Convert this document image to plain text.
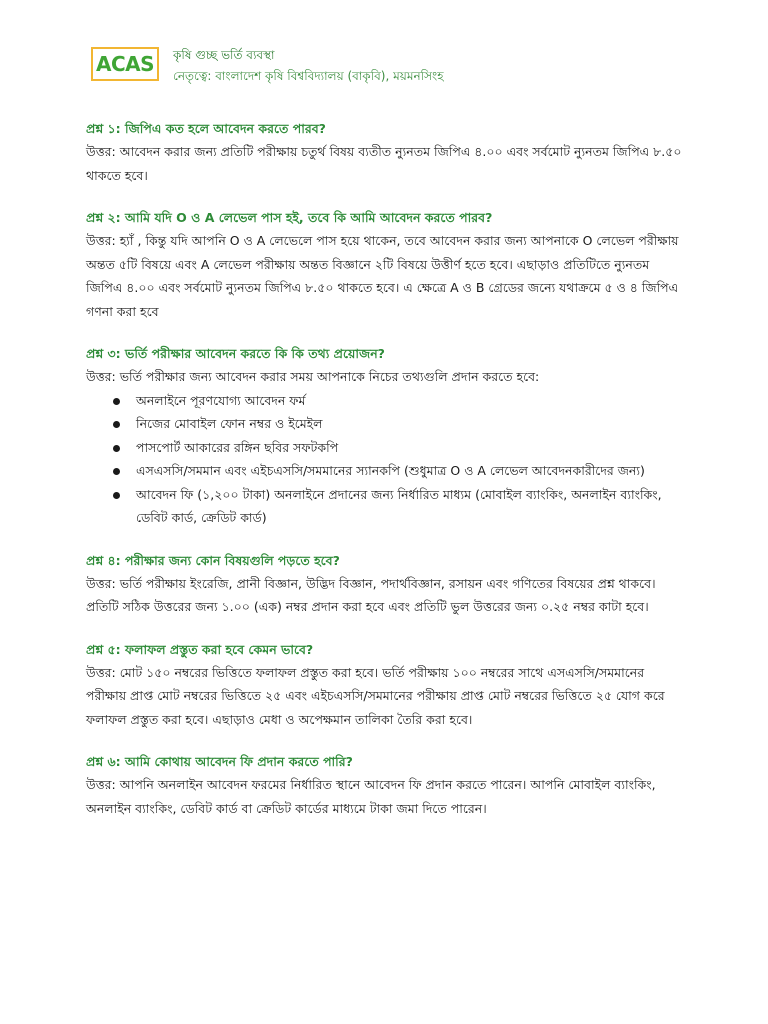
ACAS কৃষি গুচ্ছ ভর্তি ব্যবস্থা
নেতৃত্বে: বাংলাদেশ কৃষি বিশ্ববিদ্যালয় (বাকৃবি), ময়মনসিংহ

প্রশ্ন ১: জিপিএ কত হলে আবেদন করতে পারব?

উত্তর: আবেদন করার জন্য প্রতিটি পরীক্ষায় চতুর্থ বিষয় ব্যতীত ন্যুনতম জিপিএ ৪.০০ এবং সর্বমোট ন্যুনতম জিপিএ ৮.৫০ থাকতে হবে।

প্রশ্ন ২: আমি যদি O ও A লেভেল পাস হই, তবে কি আমি আবেদন করতে পারব?

উত্তর: হ্যাঁ , কিন্তু যদি আপনি O ও A লেভেলে পাস হয়ে থাকেন, তবে আবেদন করার জন্য আপনাকে O লেভেল পরীক্ষায় অন্তত ৫টি বিষয়ে এবং A লেভেল পরীক্ষায় অন্তত বিজ্ঞানে ২টি বিষয়ে উত্তীর্ণ হতে হবে। এছাড়াও প্রতিটিতে ন্যুনতম জিপিএ ৪.০০ এবং সর্বমোট ন্যুনতম জিপিএ ৮.৫০ থাকতে হবে। এ ক্ষেত্রে A ও B গ্রেডের জন্যে যথাক্রমে ৫ ও ৪ জিপিএ গণনা করা হবে

প্রশ্ন ৩: ভর্তি পরীক্ষার আবেদন করতে কি কি তথ্য প্রয়োজন?

উত্তর: ভর্তি পরীক্ষার জন্য আবেদন করার সময় আপনাকে নিচের তথ্যগুলি প্রদান করতে হবে:

অনলাইনে পূরণযোগ্য আবেদন ফর্ম
নিজের মোবাইল ফোন নম্বর ও ইমেইল
পাসপোর্ট আকারের রঙ্গিন ছবির সফটকপি
এসএসসি/সমমান এবং এইচএসসি/সমমানের স্যানকপি (শুধুমাত্র O ও A লেভেল আবেদনকারীদের জন্য)
আবেদন ফি (১,২০০ টাকা) অনলাইনে প্রদানের জন্য নির্ধারিত মাধ্যম (মোবাইল ব্যাংকিং, অনলাইন ব্যাংকিং, ডেবিট কার্ড, ক্রেডিট কার্ড)

প্রশ্ন ৪: পরীক্ষার জন্য কোন বিষয়গুলি পড়তে হবে?

উত্তর: ভর্তি পরীক্ষায় ইংরেজি, প্রানী বিজ্ঞান, উদ্ভিদ বিজ্ঞান, পদার্থবিজ্ঞান, রসায়ন এবং গণিতের বিষয়ের প্রশ্ন থাকবে। প্রতিটি সঠিক উত্তরের জন্য ১.০০ (এক) নম্বর প্রদান করা হবে এবং প্রতিটি ভুল উত্তরের জন্য ০.২৫ নম্বর কাটা হবে।

প্রশ্ন ৫: ফলাফল প্রস্তুত করা হবে কেমন ভাবে?

উত্তর: মোট ১৫০ নম্বরের ভিত্তিতে ফলাফল প্রস্তুত করা হবে। ভর্তি পরীক্ষায় ১০০ নম্বরের সাথে এসএসসি/সমমানের পরীক্ষায় প্রাপ্ত মোট নম্বরের ভিত্তিতে ২৫ এবং এইচএসসি/সমমানের পরীক্ষায় প্রাপ্ত মোট নম্বরের ভিত্তিতে ২৫ যোগ করে ফলাফল প্রস্তুত করা হবে। এছাড়াও মেধা ও অপেক্ষমান তালিকা তৈরি করা হবে।

প্রশ্ন ৬: আমি কোথায় আবেদন ফি প্রদান করতে পারি?

উত্তর: আপনি অনলাইন আবেদন ফরমের নির্ধারিত স্থানে আবেদন ফি প্রদান করতে পারেন। আপনি মোবাইল ব্যাংকিং, অনলাইন ব্যাংকিং, ডেবিট কার্ড বা ক্রেডিট কার্ডের মাধ্যমে টাকা জমা দিতে পারেন।
